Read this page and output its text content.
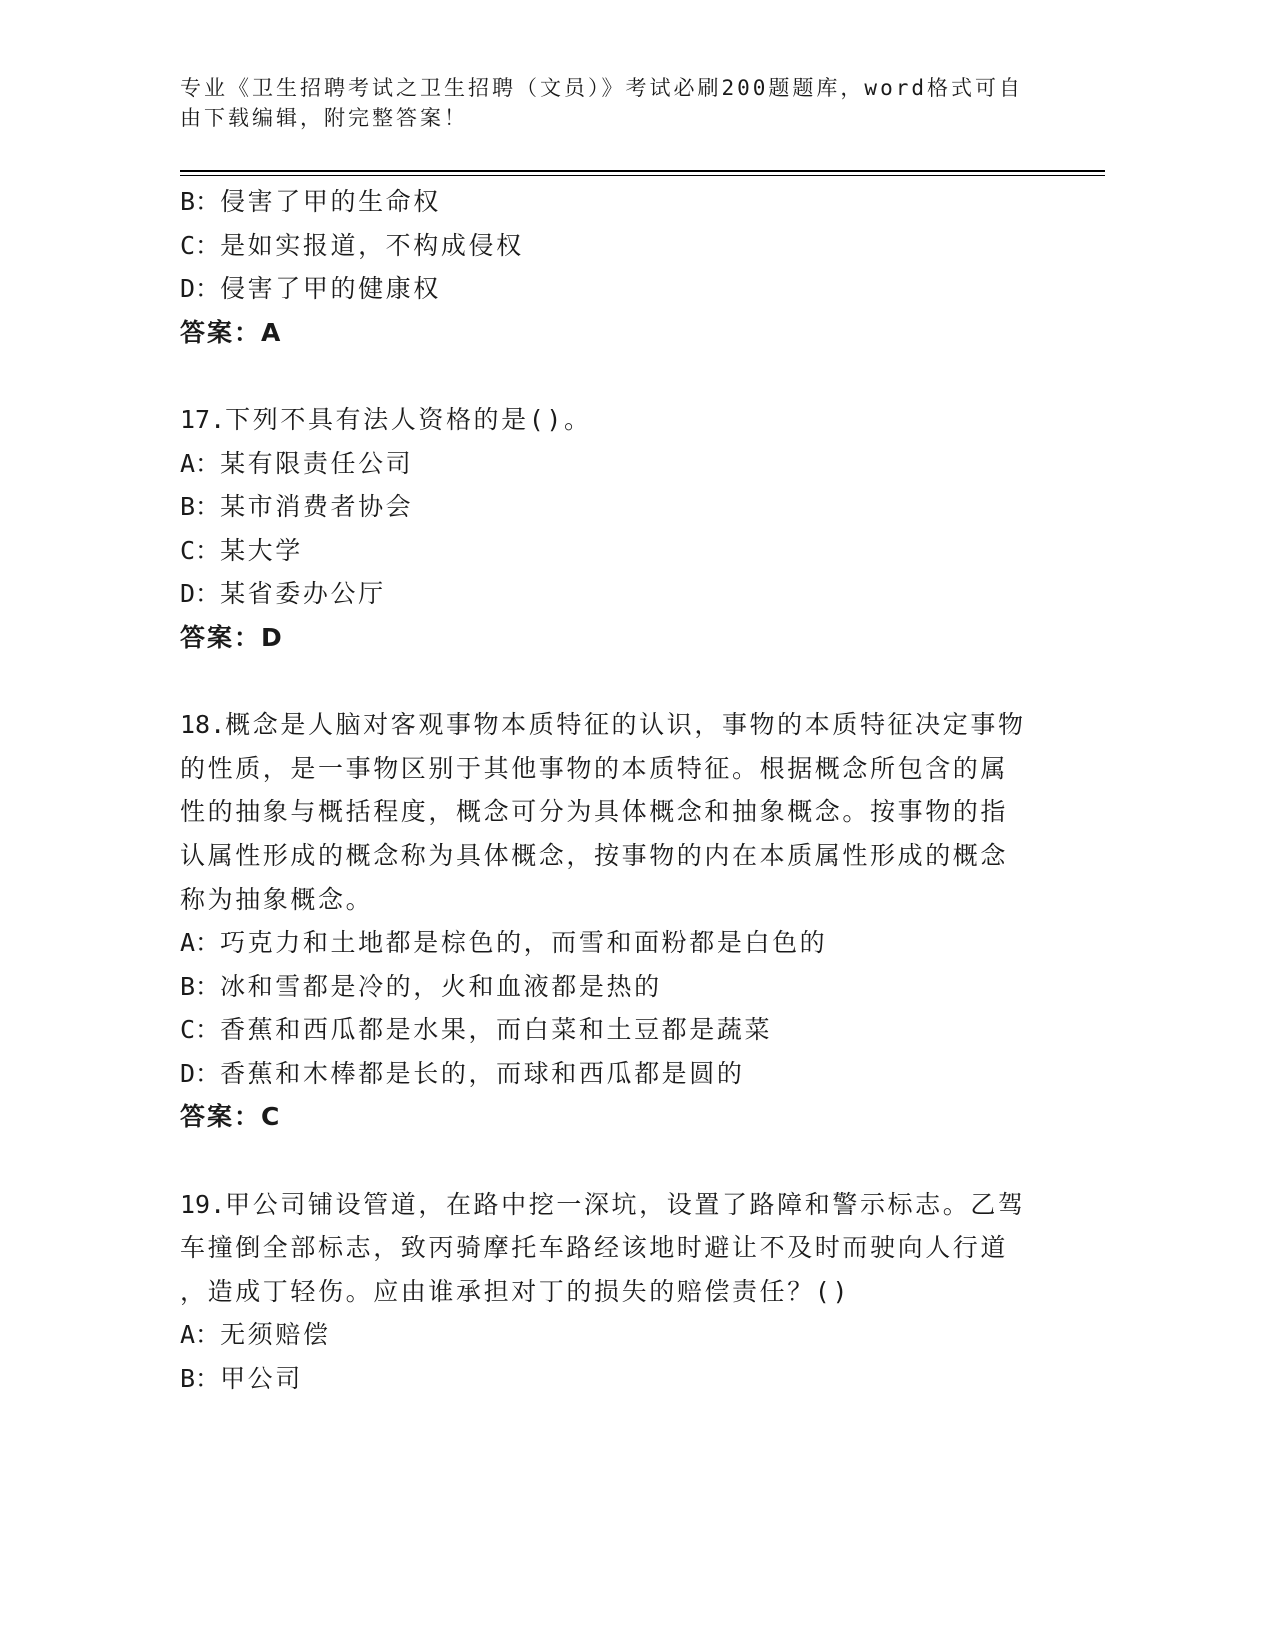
专业《卫生招聘考试之卫生招聘（文员）》考试必刷200题题库，word格式可自
由下载编辑，附完整答案！
B：侵害了甲的生命权
C：是如实报道，不构成侵权
D：侵害了甲的健康权
答案：A
17.下列不具有法人资格的是()。
A：某有限责任公司
B：某市消费者协会
C：某大学
D：某省委办公厅
答案：D
18.概念是人脑对客观事物本质特征的认识，事物的本质特征决定事物
的性质，是一事物区别于其他事物的本质特征。根据概念所包含的属
性的抽象与概括程度，概念可分为具体概念和抽象概念。按事物的指
认属性形成的概念称为具体概念，按事物的内在本质属性形成的概念
称为抽象概念。
A：巧克力和土地都是棕色的，而雪和面粉都是白色的
B：冰和雪都是冷的，火和血液都是热的
C：香蕉和西瓜都是水果，而白菜和土豆都是蔬菜
D：香蕉和木棒都是长的，而球和西瓜都是圆的
答案：C
19.甲公司铺设管道，在路中挖一深坑，设置了路障和警示标志。乙驾
车撞倒全部标志，致丙骑摩托车路经该地时避让不及时而驶向人行道
，造成丁轻伤。应由谁承担对丁的损失的赔偿责任？()
A：无须赔偿
B：甲公司
